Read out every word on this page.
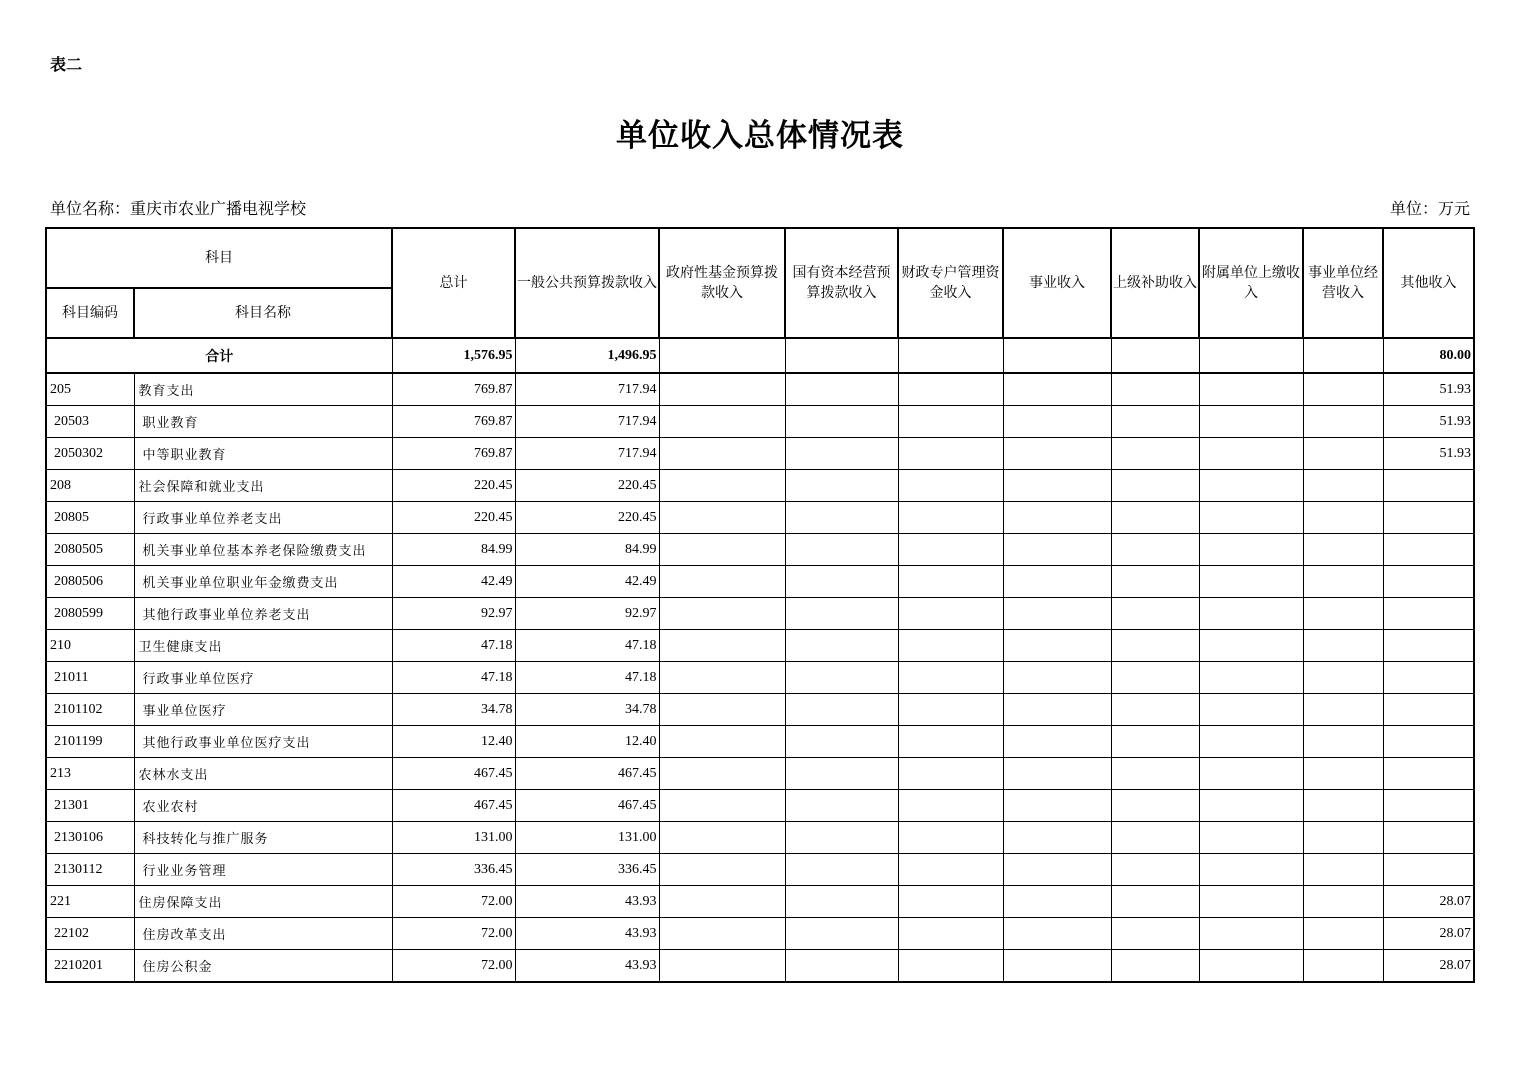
表二
单位收入总体情况表
单位名称：重庆市农业广播电视学校	单位：万元
科目		总计	一般公共预算拨款收入	政府性基金预算拨款收入	国有资本经营预算拨款收入	财政专户管理资金收入	事业收入	上级补助收入	附属单位上缴收入	事业单位经营收入	其他收入
科目编码	科目名称										
合计		1,576.95	1,496.95								80.00
205	教育支出	769.87	717.94								51.93
20503	职业教育	769.87	717.94								51.93
2050302	中等职业教育	769.87	717.94								51.93
208	社会保障和就业支出	220.45	220.45								
20805	行政事业单位养老支出	220.45	220.45								
2080505	机关事业单位基本养老保险缴费支出	84.99	84.99								
2080506	机关事业单位职业年金缴费支出	42.49	42.49								
2080599	其他行政事业单位养老支出	92.97	92.97								
210	卫生健康支出	47.18	47.18								
21011	行政事业单位医疗	47.18	47.18								
2101102	事业单位医疗	34.78	34.78								
2101199	其他行政事业单位医疗支出	12.40	12.40								
213	农林水支出	467.45	467.45								
21301	农业农村	467.45	467.45								
2130106	科技转化与推广服务	131.00	131.00								
2130112	行业业务管理	336.45	336.45								
221	住房保障支出	72.00	43.93								28.07
22102	住房改革支出	72.00	43.93								28.07
2210201	住房公积金	72.00	43.93								28.07
